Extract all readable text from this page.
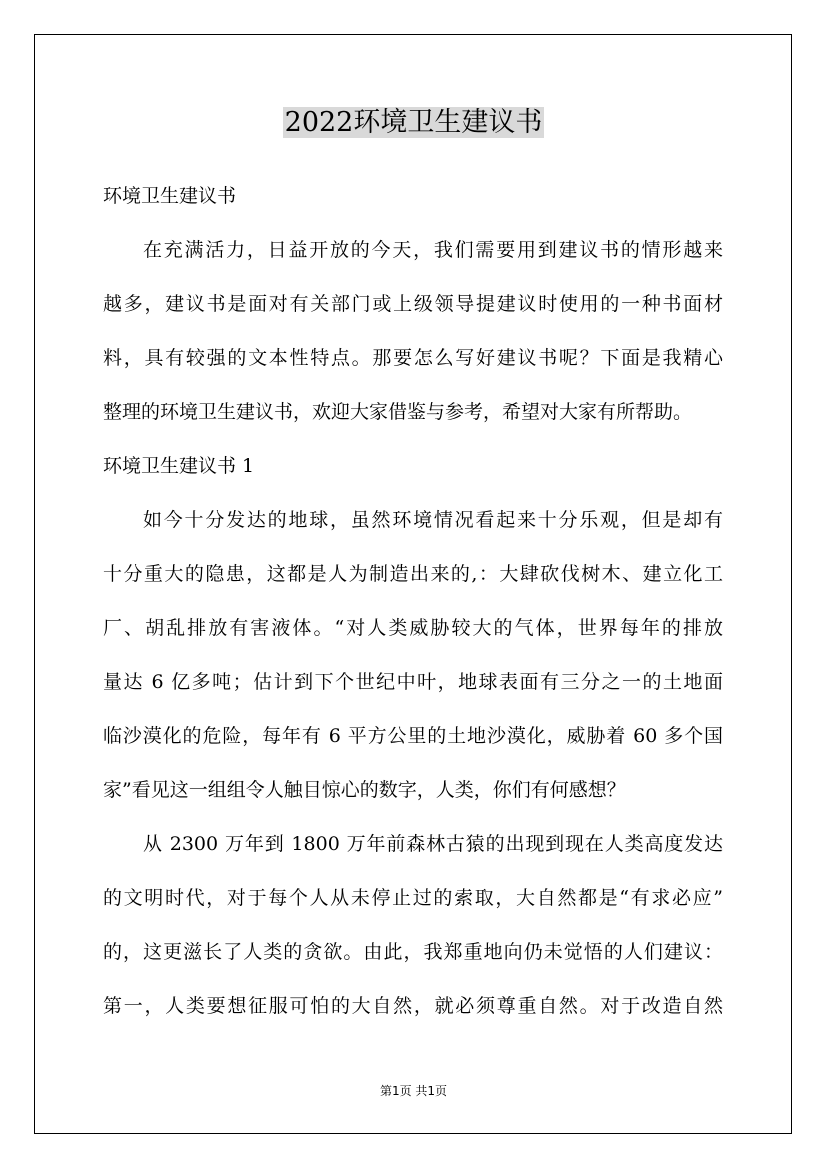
2022环境卫生建议书
环境卫生建议书
在充满活力，日益开放的今天，我们需要用到建议书的情形越来
越多，建议书是面对有关部门或上级领导提建议时使用的一种书面材
料，具有较强的文本性特点。那要怎么写好建议书呢？下面是我精心
整理的环境卫生建议书，欢迎大家借鉴与参考，希望对大家有所帮助。
环境卫生建议书 1
如今十分发达的地球，虽然环境情况看起来十分乐观，但是却有
十分重大的隐患，这都是人为制造出来的,：大肆砍伐树木、建立化工
厂、胡乱排放有害液体。“对人类威胁较大的气体，世界每年的排放
量达 6 亿多吨；估计到下个世纪中叶，地球表面有三分之一的土地面
临沙漠化的危险，每年有 6 平方公里的土地沙漠化，威胁着 60 多个国
家”看见这一组组令人触目惊心的数字，人类，你们有何感想？
从 2300 万年到 1800 万年前森林古猿的出现到现在人类高度发达
的文明时代，对于每个人从未停止过的索取，大自然都是“有求必应”
的，这更滋长了人类的贪欲。由此，我郑重地向仍未觉悟的人们建议：
第一，人类要想征服可怕的大自然，就必须尊重自然。对于改造自然
第1页 共1页
